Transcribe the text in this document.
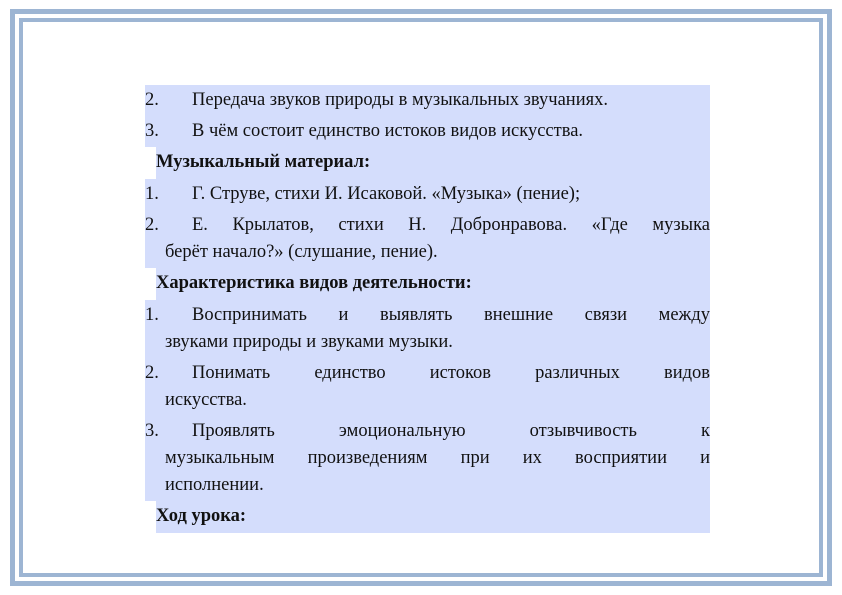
2.	Передача звуков природы в музыкальных звучаниях.
3.	В чём состоит единство истоков видов искусства.
Музыкальный материал:
1.	Г. Струве, стихи И. Исаковой. «Музыка» (пение);
2.	Е. Крылатов, стихи Н. Добронравова. «Где музыка
берёт начало?» (слушание, пение).
Характеристика видов деятельности:
1.	Воспринимать и выявлять внешние связи между
звуками природы и звуками музыки.
2.	Понимать единство истоков различных видов
искусства.
3.	Проявлять эмоциональную отзывчивость к
музыкальным произведениям при их восприятии и
исполнении.
Ход урока:
